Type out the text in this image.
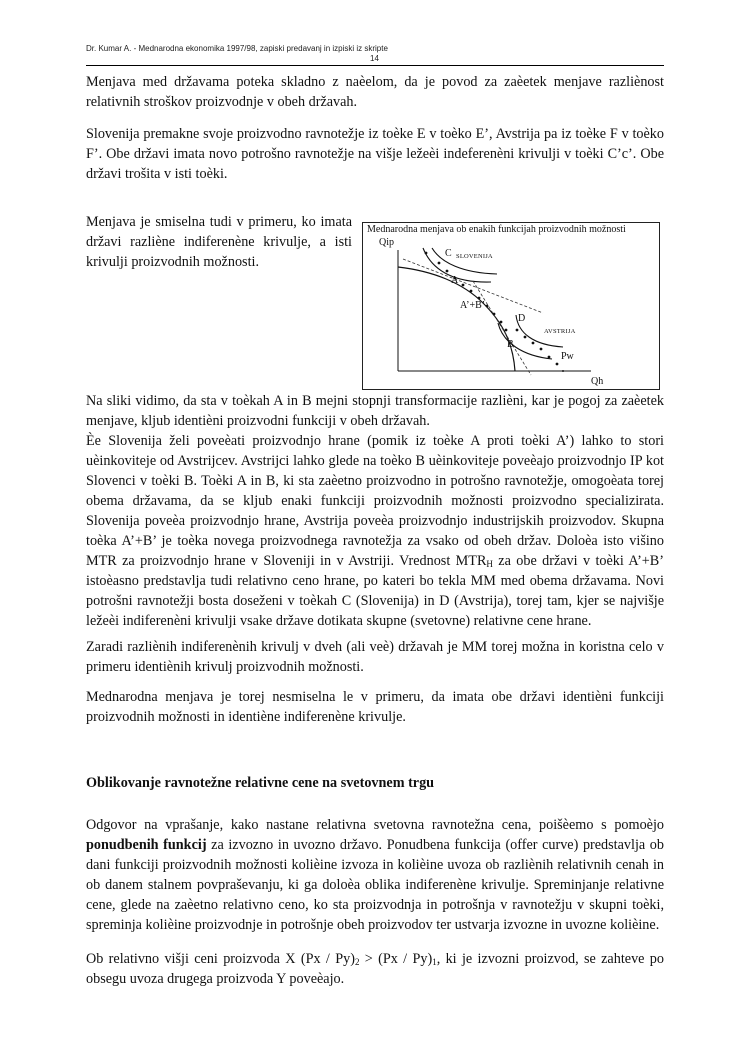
Dr. Kumar A. - Mednarodna ekonomika 1997/98, zapiski predavanj in izpiski iz skripte
14

Menjava med državama poteka skladno z naèelom, da je povod za zaèetek menjave razliènost relativnih stroškov proizvodnje v obeh državah.

Slovenija premakne svoje proizvodno ravnotežje iz toèke E v toèko E’, Avstrija pa iz toèke F v toèko F’. Obe državi imata novo potrošno ravnotežje na višje ležeèi indeferenèni krivulji v toèki C’c’. Obe državi trošita v isti toèki.

Menjava je smiselna tudi v primeru, ko imata državi razliène indiferenène krivulje, a isti krivulji proizvodnih možnosti.

Mednarodna menjava ob enakih funkcijah proizvodnih možnosti
Qip
Qh
C SLOVENIJA
A
A’+B’
D
AVSTRIJA
B
Pw

Na sliki vidimo, da sta v toèkah A in B mejni stopnji transformacije razlièni, kar je pogoj za zaèetek menjave, kljub identièni proizvodni funkciji v obeh državah.

Èe Slovenija želi poveèati proizvodnjo hrane (pomik iz toèke A proti toèki A’) lahko to stori uèinkoviteje od Avstrijcev. Avstrijci lahko glede na toèko B uèinkoviteje poveèajo proizvodnjo IP kot Slovenci v toèki B. Toèki A in B, ki sta zaèetno proizvodno in potrošno ravnotežje, omogoèata torej obema državama, da se kljub enaki funkciji proizvodnih možnosti proizvodno specializirata. Slovenija poveèa proizvodnjo hrane, Avstrija poveèa proizvodnjo industrijskih proizvodov. Skupna toèka A’+B’ je toèka novega proizvodnega ravnotežja za vsako od obeh držav. Doloèa isto višino MTR za proizvodnjo hrane v Sloveniji in v Avstriji. Vrednost $MTR_H$ za obe državi v toèki A’+B’ istoèasno predstavlja tudi relativno ceno hrane, po kateri bo tekla MM med obema državama. Novi potrošni ravnotežji bosta doseženi v toèkah C (Slovenija) in D (Avstrija), torej tam, kjer se najvišje ležeèi indiferenèni krivulji vsake države dotikata skupne (svetovne) relativne cene hrane.

Zaradi razliènih indiferenènih krivulj v dveh (ali veè) državah je MM torej možna in koristna celo v primeru identiènih krivulj proizvodnih možnosti.

Mednarodna menjava je torej nesmiselna le v primeru, da imata obe državi identièni funkciji proizvodnih možnosti in identiène indiferenène krivulje.

Oblikovanje ravnotežne relativne cene na svetovnem trgu

Odgovor na vprašanje, kako nastane relativna svetovna ravnotežna cena, poišèemo s pomoèjo ponudbenih funkcij za izvozno in uvozno državo. Ponudbena funkcija (offer curve) predstavlja ob dani funkciji proizvodnih možnosti kolièine izvoza in kolièine uvoza ob razliènih relativnih cenah in ob danem stalnem povpraševanju, ki ga doloèa oblika indiferenène krivulje. Spreminjanje relativne cene, glede na zaèetno relativno ceno, ko sta proizvodnja in potrošnja v ravnotežju v skupni toèki, spreminja kolièine proizvodnje in potrošnje obeh proizvodov ter ustvarja izvozne in uvozne kolièine.

Ob relativno višji ceni proizvoda X $(Px / Py)_2 > (Px / Py)_1$, ki je izvozni proizvod, se zahteve po obsegu uvoza drugega proizvoda Y poveèajo.
